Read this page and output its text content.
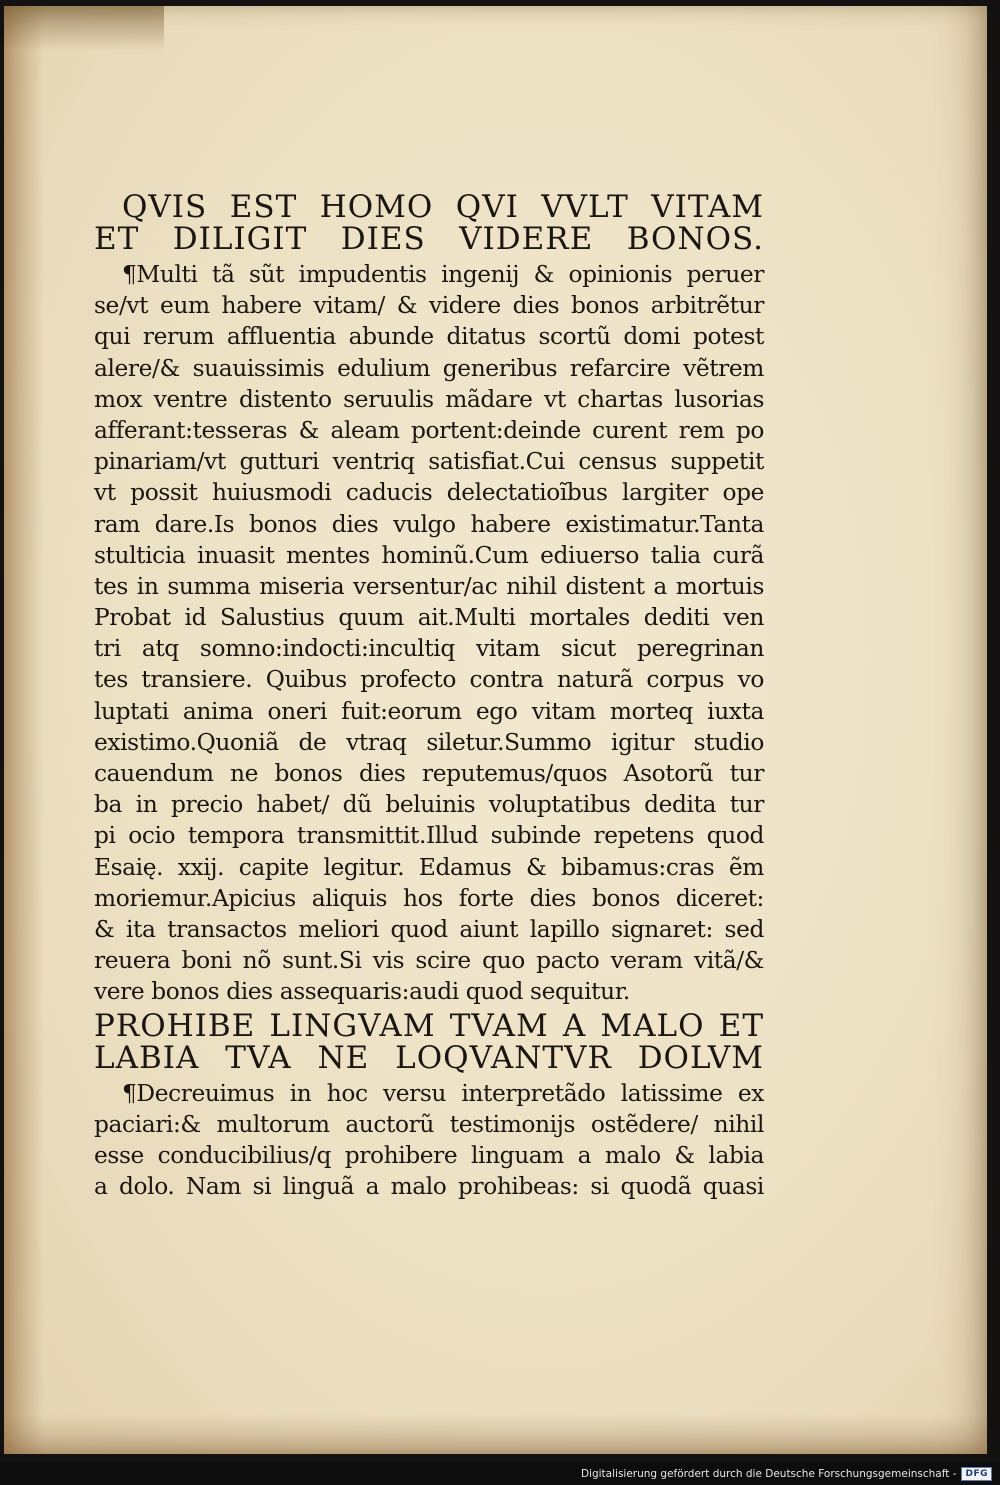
QVIS EST HOMO QVI VVLT VITAM
ET DILIGIT DIES VIDERE BONOS.
¶Multi tã sũt impudentis ingenij & opinionis peruer
se/vt eum habere vitam/ & videre dies bonos arbitrẽtur
qui rerum affluentia abunde ditatus scortũ domi potest
alere/& suauissimis edulium generibus refarcire vẽtrem
mox ventre distento seruulis mãdare vt chartas lusorias
afferant:tesseras & aleam portent:deinde curent rem po
pinariam/vt gutturi ventriq satisfiat.Cui census suppetit
vt possit huiusmodi caducis delectatioĩbus largiter ope
ram dare.Is bonos dies vulgo habere existimatur.Tanta
stulticia inuasit mentes hominũ.Cum ediuerso talia curã
tes in summa miseria versentur/ac nihil distent a mortuis
Probat id Salustius quum ait.Multi mortales dediti ven
tri atq somno:indocti:incultiq vitam sicut peregrinan
tes transiere. Quibus profecto contra naturã corpus vo
luptati anima oneri fuit:eorum ego vitam morteq iuxta
existimo.Quoniã de vtraq siletur.Summo igitur studio
cauendum ne bonos dies reputemus/quos Asotorũ tur
ba in precio habet/ dũ beluinis voluptatibus dedita tur
pi ocio tempora transmittit.Illud subinde repetens quod
Esaię. xxij. capite legitur. Edamus & bibamus:cras ẽm
moriemur.Apicius aliquis hos forte dies bonos diceret:
& ita transactos meliori quod aiunt lapillo signaret: sed
reuera boni nõ sunt.Si vis scire quo pacto veram vitã/&
vere bonos dies assequaris:audi quod sequitur.
PROHIBE LINGVAM TVAM A MALO ET
LABIA TVA NE LOQVANTVR DOLVM
¶Decreuimus in hoc versu interpretãdo latissime ex
paciari:& multorum auctorũ testimonijs ostẽdere/ nihil
esse conducibilius/q prohibere linguam a malo & labia
a dolo. Nam si linguã a malo prohibeas: si quodã quasi
Digitalisierung gefördert durch die Deutsche Forschungsgemeinschaft -	DFG
